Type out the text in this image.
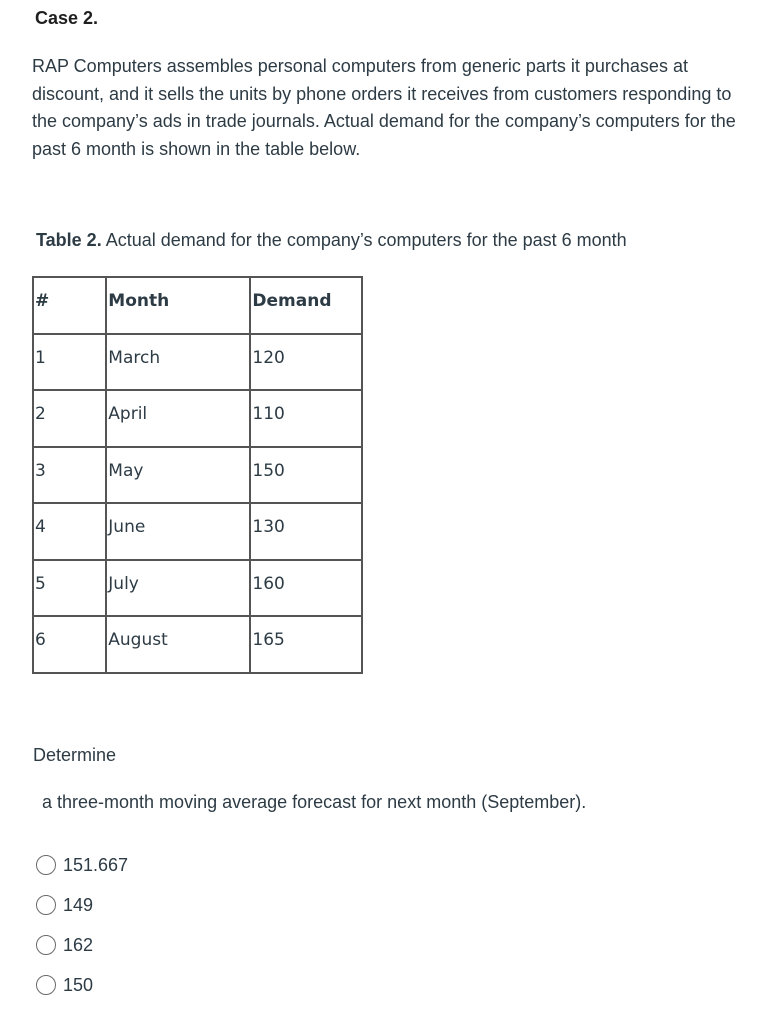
Case 2.
RAP Computers assembles personal computers from generic parts it purchases at discount, and it sells the units by phone orders it receives from customers responding to the company’s ads in trade journals. Actual demand for the company’s computers for the past 6 month is shown in the table below.
Table 2. Actual demand for the company’s computers for the past 6 month
#	Month	Demand

1	March	120

2	April	110

3	May	150

4	June	130

5	July	160

6	August	165
Determine
a three-month moving average forecast for next month (September).
151.667
149
162
150
